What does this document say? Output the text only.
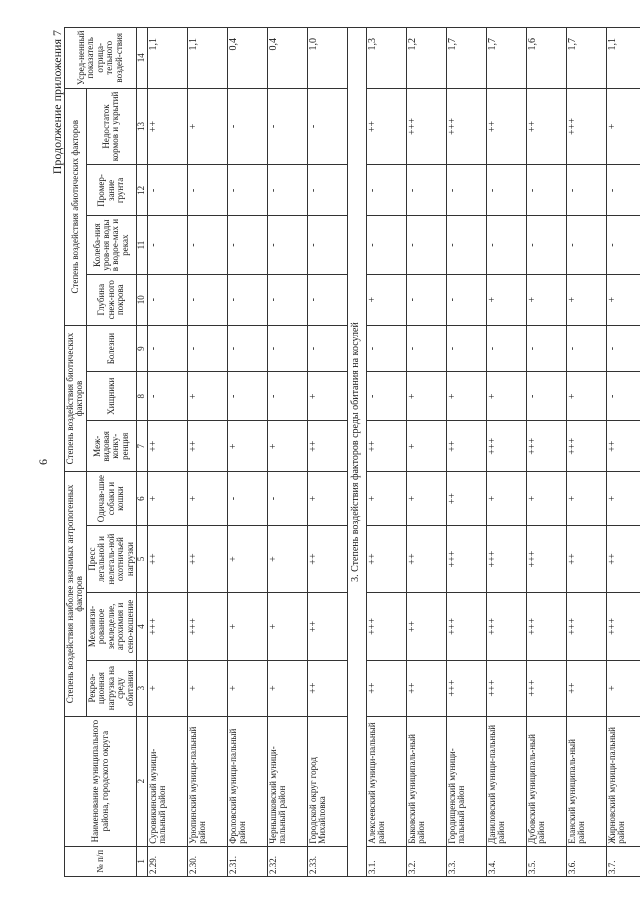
6
Продолжение приложения 7
№ п/п	Наименование муниципального района, городского округа	Степень воздействия наиболее значимых антропогенных факторов				Степень воздействия биотических факторов			Степень воздействия абиотических факторов				Усред-ненный показатель отрица-тельного воздей-ствия
		Рекреа-ционная нагрузка на среду обитания	Механизи-рованное земледелие, агрохимия и сено-кошение	Пресс легальной и нелегаль-ной охотничьей нагрузки	Одичав-шие собаки и кошки	Меж-видовая конку-ренция	Хищники	Болезни	Глубина снеж-ного покрова	Колеба-ния уров-ня воды в водое-мах и реках	Промер-зание грунта	Недостаток кормов и укрытий	
1	2	3	4	5	6	7	8	9	10	11	12	13	14
2.29.	Суровикинский муници-пальный район	+	+++	++	+	++	-	-	-	-	-	++	1,1
2.30.	Урюпинский муници-пальный район	+	+++	++	+	++	+	-	-	-	-	+	1,1
2.31.	Фроловский муници-пальный район	+	+	+	-	+	-	-	-	-	-	-	0,4
2.32.	Чернышковский муници-пальный район	+	+	+	-	+	-	-	-	-	-	-	0,4
2.33.	Городской округ город Михайловка	++	++	++	+	++	+	-	-	-	-	-	1,0
3. Степень воздействия факторов среды обитания на косулей													
3.1.	Алексеевский муници-пальный район	++	+++	++	+	++	-	-	+	-	-	++	1,3
3.2.	Быковский муниципаль-ный район	++	++	++	+	+	+	-	-	-	-	+++	1,2
3.3.	Городищенский муници-пальный район	+++	+++	+++	++	++	+	-	-	-	-	+++	1,7
3.4.	Даниловский муници-пальный район	+++	+++	+++	+	+++	+	-	+	-	-	++	1,7
3.5.	Дубовский муниципаль-ный район	+++	+++	+++	+	+++	-	-	+	-	-	++	1,6
3.6.	Еланский муниципаль-ный район	++	+++	++	+	+++	+	-	+	-	-	+++	1,7
3.7.	Жирновский муници-пальный район	+	+++	++	+	++	-	-	+	-	-	+	1,1
